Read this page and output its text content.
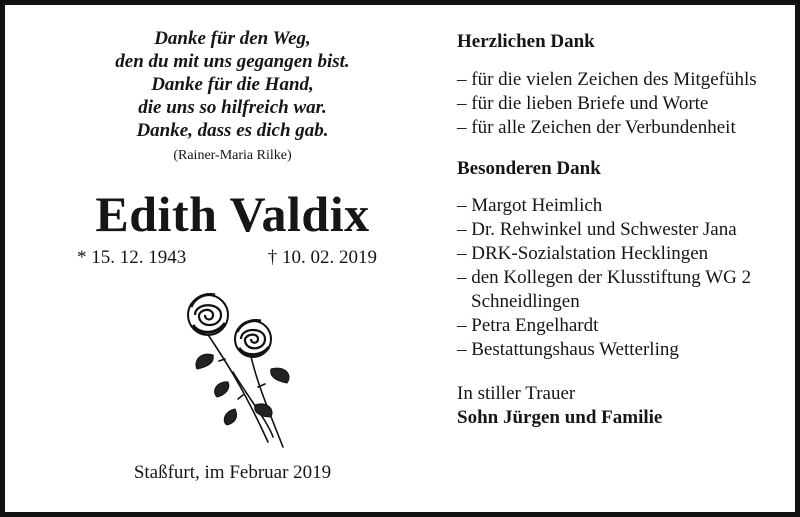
Danke für den Weg,
den du mit uns gegangen bist.
Danke für die Hand,
die uns so hilfreich war.
Danke, dass es dich gab.
(Rainer-Maria Rilke)
Edith Valdix
* 15. 12. 1943	† 10. 02. 2019
Staßfurt, im Februar 2019
Herzlichen Dank
– für die vielen Zeichen des Mitgefühls
– für die lieben Briefe und Worte
– für alle Zeichen der Verbundenheit
Besonderen Dank
– Margot Heimlich
– Dr. Rehwinkel und Schwester Jana
– DRK-Sozialstation Hecklingen
– den Kollegen der Klusstiftung WG 2
Schneidlingen
– Petra Engelhardt
– Bestattungshaus Wetterling
In stiller Trauer
Sohn Jürgen und Familie
